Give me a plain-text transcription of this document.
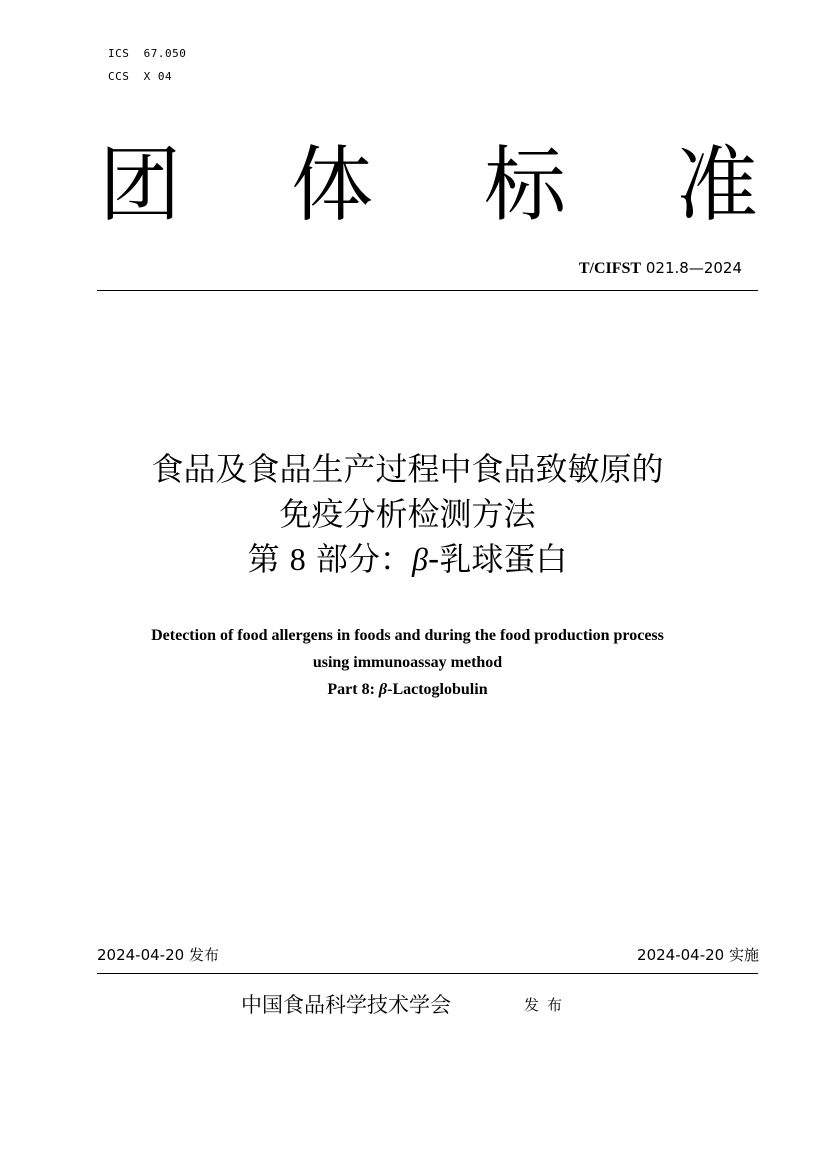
ICS  67.050
CCS  X 04
团 体 标 准
T/CIFST 021.8—2024
食品及食品生产过程中食品致敏原的
免疫分析检测方法
第 8 部分：β-乳球蛋白
Detection of food allergens in foods and during the food production process
using immunoassay method
Part 8: β-Lactoglobulin
2024-04-20 发布	2024-04-20 实施
中国食品科学技术学会	发布
